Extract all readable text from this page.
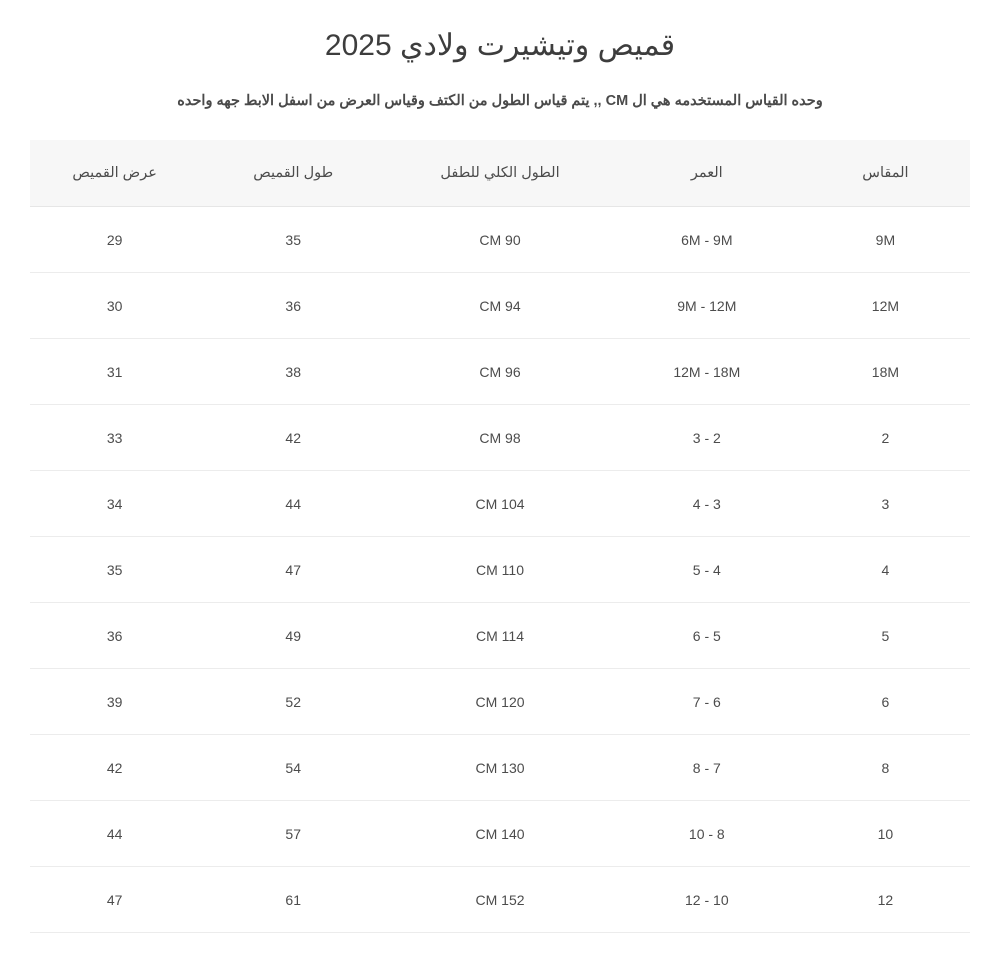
قميص وتيشيرت ولادي 2025

وحده القياس المستخدمه هي ال CM ,, يتم قياس الطول من الكتف وقياس العرض من اسفل الابط جهه واحده

المقاس	العمر	الطول الكلي للطفل	طول القميص	عرض القميص
9M	6M - 9M	CM 90	35	29
12M	9M - 12M	CM 94	36	30
18M	12M - 18M	CM 96	38	31
2	3 - 2	CM 98	42	33
3	4 - 3	CM 104	44	34
4	5 - 4	CM 110	47	35
5	6 - 5	CM 114	49	36
6	7 - 6	CM 120	52	39
8	8 - 7	CM 130	54	42
10	10 - 8	CM 140	57	44
12	12 - 10	CM 152	61	47
